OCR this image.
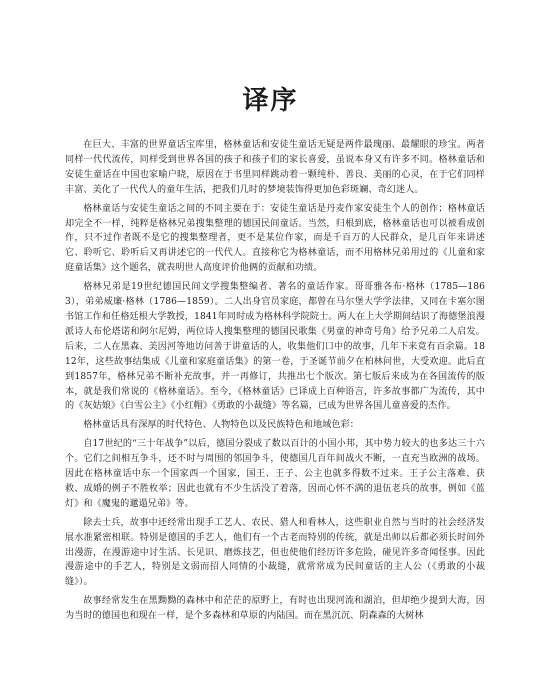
译序

在巨大、丰富的世界童话宝库里，格林童话和安徒生童话无疑是两件最瑰丽、最耀眼的珍宝。两者同样一代代流传，同样受到世界各国的孩子和孩子们的家长喜爱，虽说本身又有许多不同。格林童话和安徒生童话在中国也家喻户晓，原因在于书里同样跳动着一颗纯朴、善良、美丽的心灵，在于它们同样丰富、美化了一代代人的童年生活，把我们几时的梦境装饰得更加色彩斑斓、奇幻迷人。

格林童话与安徒生童话之间的不同主要在于：安徒生童话是丹麦作家安徒生个人的创作；格林童话却完全不一样，纯粹是格林兄弟搜集整理的德国民间童话。当然，归根到底，格林童话也可以被看成创作，只不过作者既不是它的搜集整理者，更不是某位作家，而是千百万的人民群众，是几百年来讲述它、聆听它、聆听后又再讲述它的一代代人。直接称它为格林童话，而不用格林兄弟用过的《儿童和家庭童话集》这个题名，就表明世人高度评价他俩的贡献和功绩。

格林兄弟是19世纪德国民间文学搜集整编者、著名的童话作家。哥哥雅各布·格林（1785—1863），弟弟威廉·格林（1786—1859）。二人出身官员家庭，都曾在马尔堡大学学法律，又同在卡塞尔图书馆工作和任格廷根大学教授，1841年同时成为格林科学院院士。两人在上大学期间结识了海德堡浪漫派诗人布伦塔诺和阿尔尼姆，两位诗人搜集整理的德国民歌集《男童的神奇号角》给予兄弟二人启发。后来，二人在黑森、美因河等地访问善于讲童话的人，收集他们口中的故事，几年下来竟有百余篇。1812年，这些故事结集成《儿童和家庭童话集》的第一卷，于圣诞节前夕在柏林问世，大受欢迎。此后直到1857年，格林兄弟不断补充故事，并一再修订，共推出七个版次。第七版后来成为在各国流传的版本，就是我们常说的《格林童话》。至今，《格林童话》已译成上百种语言，许多故事都广为流传，其中的《灰姑娘》《白雪公主》《小红帽》《勇敢的小裁缝》等名篇，已成为世界各国儿童喜爱的杰作。

格林童话具有深厚的时代特色、人物特色以及民族特色和地域色彩：

自17世纪的“三十年战争”以后，德国分裂成了数以百计的小国小邦，其中势力较大的也多达三十六个。它们之间相互争斗，还不时与周围的邻国争斗，使德国几百年间战火不断，一直充当欧洲的战场。因此在格林童话中东一个国家西一个国家，国王、王子、公主也就多得数不过来。王子公主落难、获救、成婚的例子不胜枚举；因此也就有不少生活没了着落，因而心怀不满的退伍老兵的故事，例如《蓝灯》和《魔鬼的邋遢兄弟》等。

除去士兵，故事中还经常出现手工艺人、农民、猎人和看林人，这些职业自然与当时的社会经济发展水准紧密相联。特别是德国的手艺人，他们有一个古老而特别的传统，就是出师以后都必须长时间外出漫游，在漫游途中讨生活、长见识、磨炼技艺，但也使他们经历许多危险，碰见许多奇闻怪事。因此漫游途中的手艺人，特别是文弱而招人同情的小裁缝，就常常成为民间童话的主人公（《勇敢的小裁缝》）。

故事经常发生在黑黝黝的森林中和茫茫的原野上，有时也出现河流和湖泊，但却绝少提到大海，因为当时的德国也和现在一样，是个多森林和草原的内陆国。而在黑沉沉、阴森森的大树林
